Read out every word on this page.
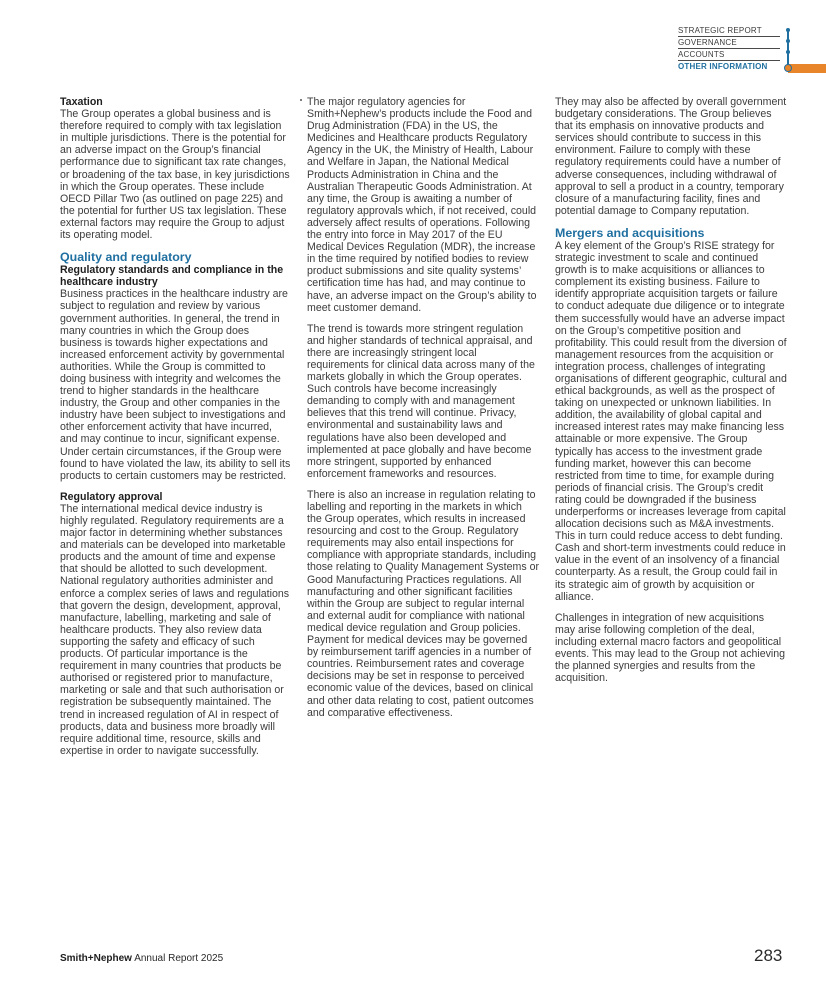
STRATEGIC REPORT
GOVERNANCE
ACCOUNTS
OTHER INFORMATION
Taxation

The Group operates a global business and is therefore required to comply with tax legislation in multiple jurisdictions. There is the potential for an adverse impact on the Group’s financial performance due to significant tax rate changes, or broadening of the tax base, in key jurisdictions in which the Group operates. These include OECD Pillar Two (as outlined on page 225) and the potential for further US tax legislation. These external factors may require the Group to adjust its operating model.

Quality and regulatory
Regulatory standards and compliance in the healthcare industry

Business practices in the healthcare industry are subject to regulation and review by various government authorities. In general, the trend in many countries in which the Group does business is towards higher expectations and increased enforcement activity by governmental authorities. While the Group is committed to doing business with integrity and welcomes the trend to higher standards in the healthcare industry, the Group and other companies in the industry have been subject to investigations and other enforcement activity that have incurred, and may continue to incur, significant expense. Under certain circumstances, if the Group were found to have violated the law, its ability to sell its products to certain customers may be restricted.

Regulatory approval

The international medical device industry is highly regulated. Regulatory requirements are a major factor in determining whether substances and materials can be developed into marketable products and the amount of time and expense that should be allotted to such development. National regulatory authorities administer and enforce a complex series of laws and regulations that govern the design, development, approval, manufacture, labelling, marketing and sale of healthcare products. They also review data supporting the safety and efficacy of such products. Of particular importance is the requirement in many countries that products be authorised or registered prior to manufacture, marketing or sale and that such authorisation or registration be subsequently maintained. The trend in increased regulation of AI in respect of products, data and business more broadly will require additional time, resource, skills and expertise in order to navigate successfully.

The major regulatory agencies for Smith+Nephew’s products include the Food and Drug Administration (FDA) in the US, the Medicines and Healthcare products Regulatory Agency in the UK, the Ministry of Health, Labour and Welfare in Japan, the National Medical Products Administration in China and the Australian Therapeutic Goods Administration. At any time, the Group is awaiting a number of regulatory approvals which, if not received, could adversely affect results of operations. Following the entry into force in May 2017 of the EU Medical Devices Regulation (MDR), the increase in the time required by notified bodies to review product submissions and site quality systems’ certification time has had, and may continue to have, an adverse impact on the Group’s ability to meet customer demand.

The trend is towards more stringent regulation and higher standards of technical appraisal, and there are increasingly stringent local requirements for clinical data across many of the markets globally in which the Group operates. Such controls have become increasingly demanding to comply with and management believes that this trend will continue. Privacy, environmental and sustainability laws and regulations have also been developed and implemented at pace globally and have become more stringent, supported by enhanced enforcement frameworks and resources.

There is also an increase in regulation relating to labelling and reporting in the markets in which the Group operates, which results in increased resourcing and cost to the Group. Regulatory requirements may also entail inspections for compliance with appropriate standards, including those relating to Quality Management Systems or Good Manufacturing Practices regulations. All manufacturing and other significant facilities within the Group are subject to regular internal and external audit for compliance with national medical device regulation and Group policies. Payment for medical devices may be governed by reimbursement tariff agencies in a number of countries. Reimbursement rates and coverage decisions may be set in response to perceived economic value of the devices, based on clinical and other data relating to cost, patient outcomes and comparative effectiveness.

They may also be affected by overall government budgetary considerations. The Group believes that its emphasis on innovative products and services should contribute to success in this environment. Failure to comply with these regulatory requirements could have a number of adverse consequences, including withdrawal of approval to sell a product in a country, temporary closure of a manufacturing facility, fines and potential damage to Company reputation.

Mergers and acquisitions

A key element of the Group’s RISE strategy for strategic investment to scale and continued growth is to make acquisitions or alliances to complement its existing business. Failure to identify appropriate acquisition targets or failure to conduct adequate due diligence or to integrate them successfully would have an adverse impact on the Group’s competitive position and profitability. This could result from the diversion of management resources from the acquisition or integration process, challenges of integrating organisations of different geographic, cultural and ethical backgrounds, as well as the prospect of taking on unexpected or unknown liabilities. In addition, the availability of global capital and increased interest rates may make financing less attainable or more expensive. The Group typically has access to the investment grade funding market, however this can become restricted from time to time, for example during periods of financial crisis. The Group’s credit rating could be downgraded if the business underperforms or increases leverage from capital allocation decisions such as M&A investments. This in turn could reduce access to debt funding. Cash and short-term investments could reduce in value in the event of an insolvency of a financial counterparty. As a result, the Group could fail in its strategic aim of growth by acquisition or alliance.

Challenges in integration of new acquisitions may arise following completion of the deal, including external macro factors and geopolitical events. This may lead to the Group not achieving the planned synergies and results from the acquisition.

Smith+Nephew Annual Report 2025	283
